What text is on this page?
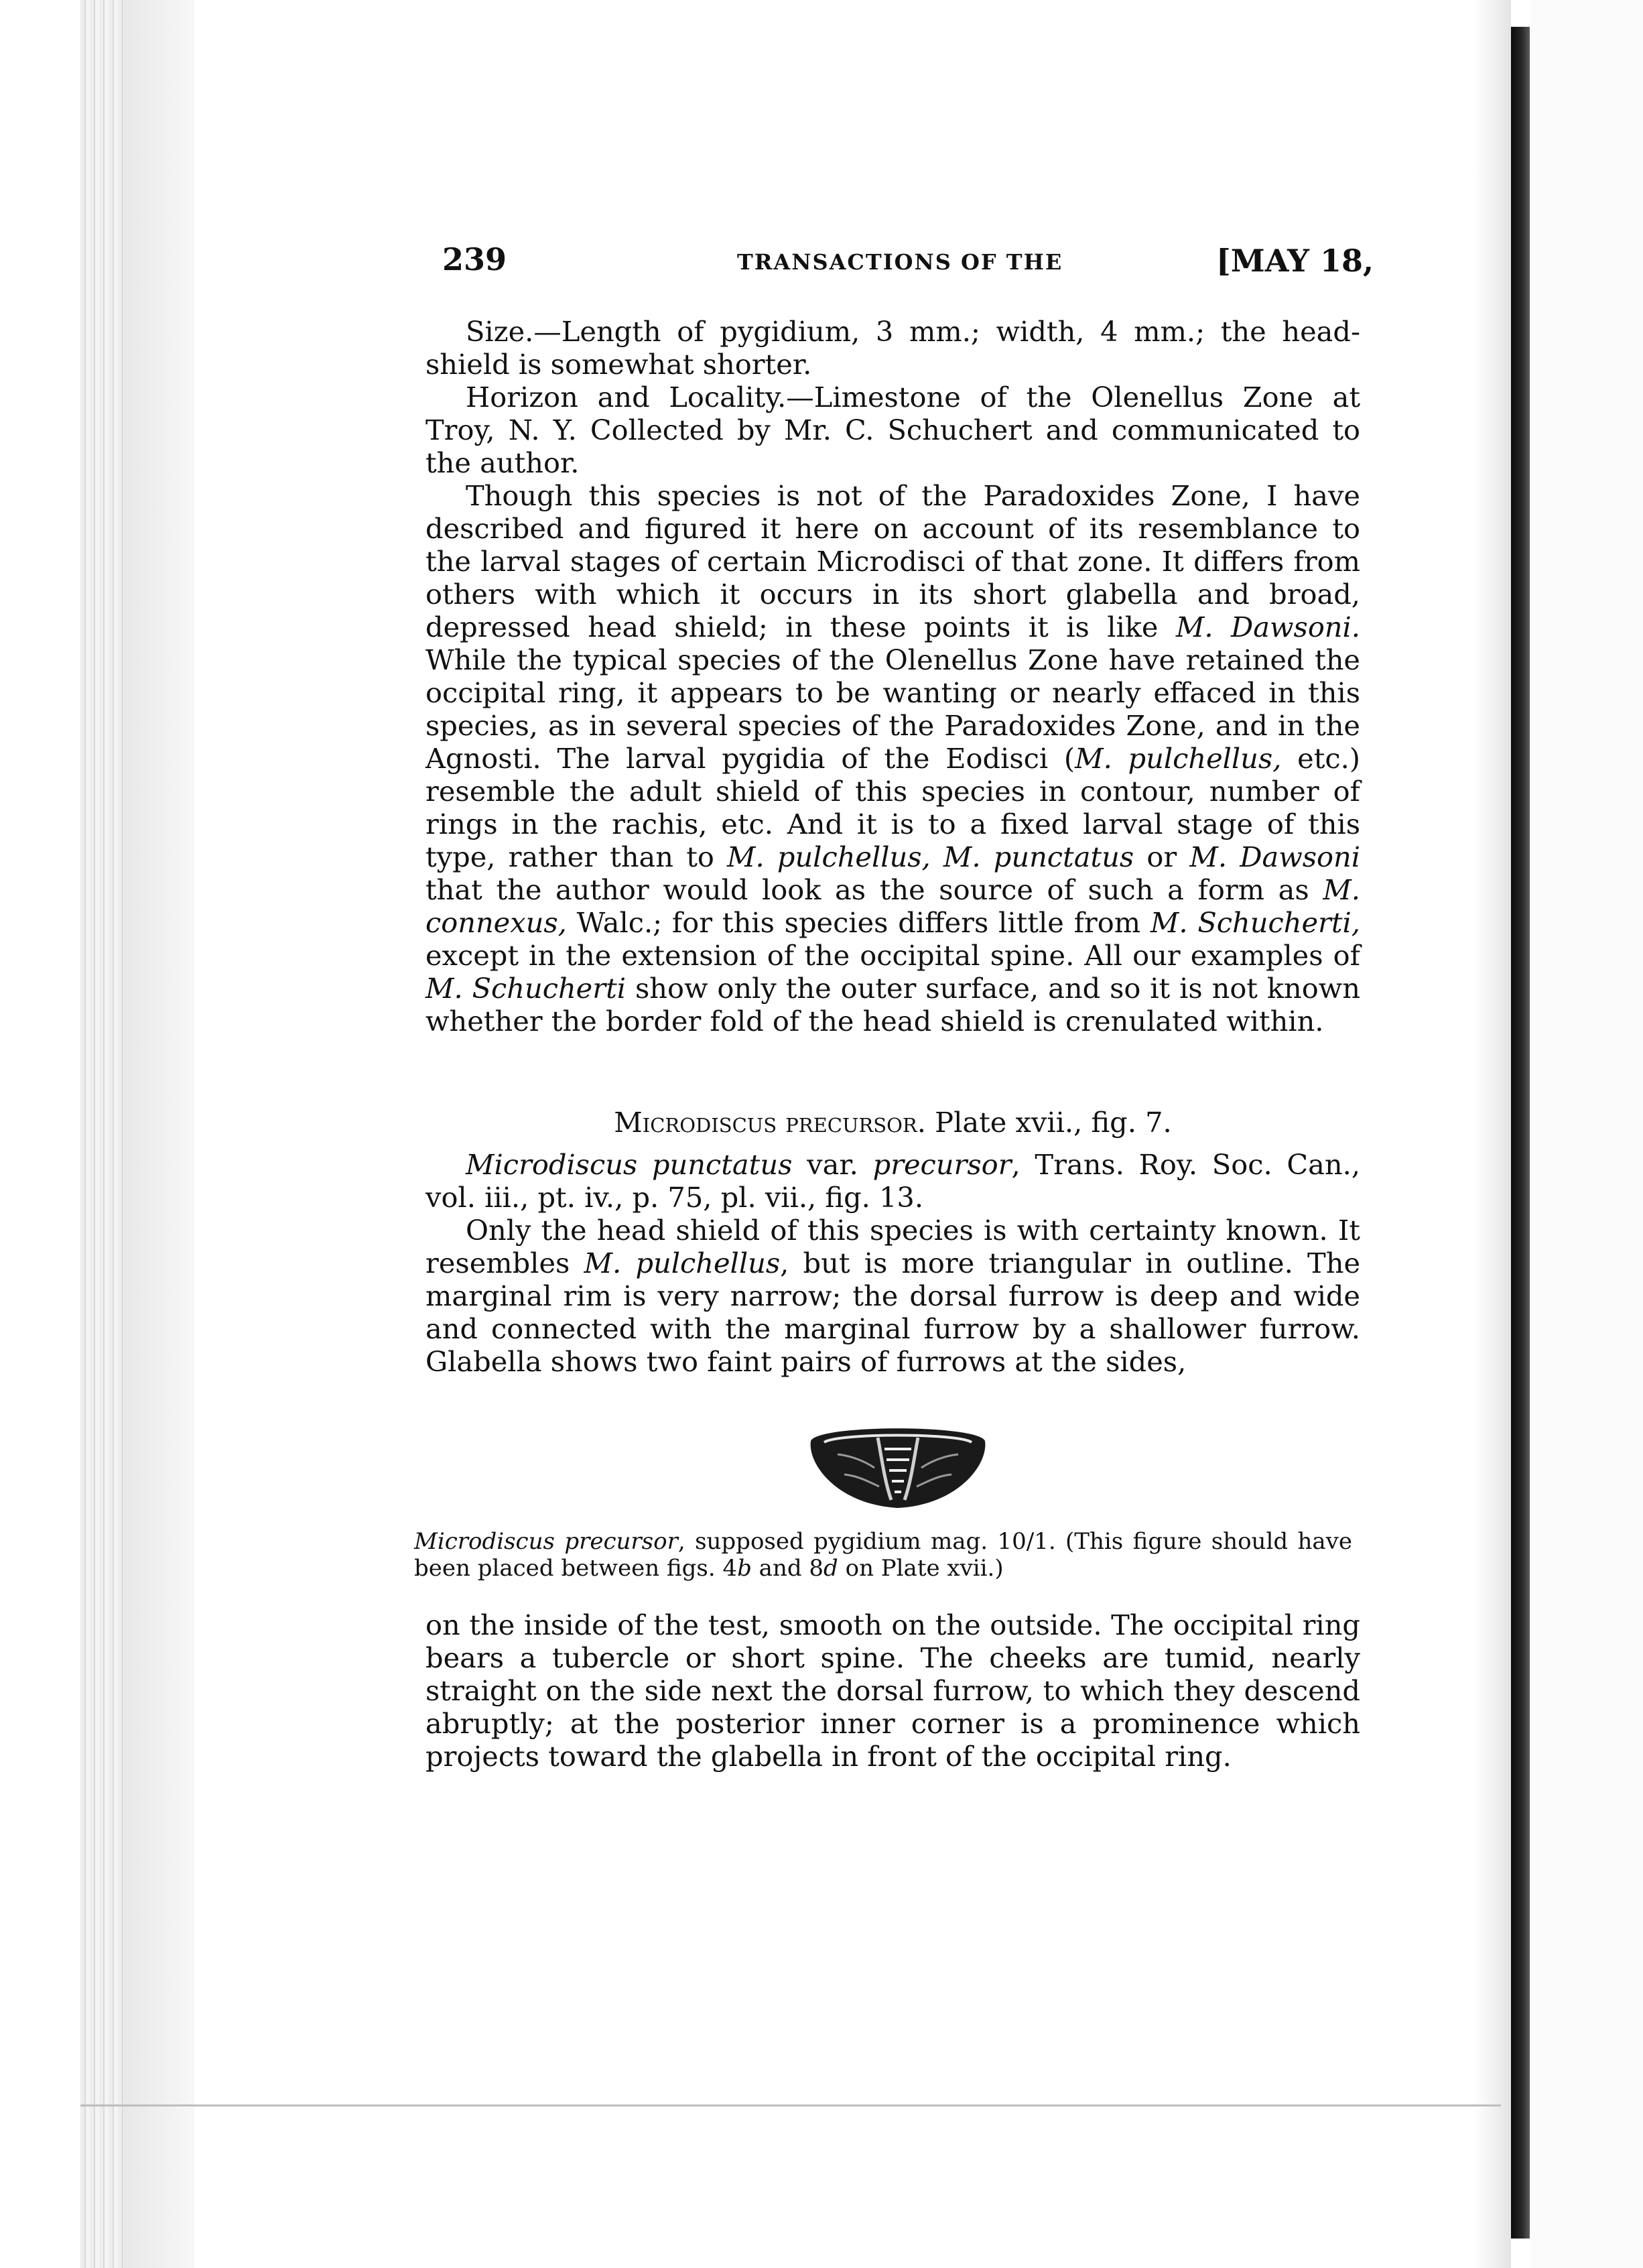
239	TRANSACTIONS OF THE	[MAY 18,

Size.—Length of pygidium, 3 mm.; width, 4 mm.; the head-shield is somewhat shorter.

Horizon and Locality.—Limestone of the Olenellus Zone at Troy, N. Y. Collected by Mr. C. Schuchert and communicated to the author.

Though this species is not of the Paradoxides Zone, I have described and figured it here on account of its resemblance to the larval stages of certain Microdisci of that zone. It differs from others with which it occurs in its short glabella and broad, depressed head shield; in these points it is like M. Dawsoni. While the typical species of the Olenellus Zone have retained the occipital ring, it appears to be wanting or nearly effaced in this species, as in several species of the Paradoxides Zone, and in the Agnosti. The larval pygidia of the Eodisci (M. pulchellus, etc.) resemble the adult shield of this species in contour, number of rings in the rachis, etc. And it is to a fixed larval stage of this type, rather than to M. pulchellus, M. punctatus or M. Dawsoni that the author would look as the source of such a form as M. connexus, Walc.; for this species differs little from M. Schucherti, except in the extension of the occipital spine. All our examples of M. Schucherti show only the outer surface, and so it is not known whether the border fold of the head shield is crenulated within.

Microdiscus precursor. Plate xvii., fig. 7.

Microdiscus punctatus var. precursor, Trans. Roy. Soc. Can., vol. iii., pt. iv., p. 75, pl. vii., fig. 13.

Only the head shield of this species is with certainty known. It resembles M. pulchellus, but is more triangular in outline. The marginal rim is very narrow; the dorsal furrow is deep and wide and connected with the marginal furrow by a shallower furrow. Glabella shows two faint pairs of furrows at the sides,

Microdiscus precursor, supposed pygidium mag. 10/1. (This figure should have been placed between figs. 4b and 8d on Plate xvii.)

on the inside of the test, smooth on the outside. The occipital ring bears a tubercle or short spine. The cheeks are tumid, nearly straight on the side next the dorsal furrow, to which they descend abruptly; at the posterior inner corner is a prominence which projects toward the glabella in front of the occipital ring.
